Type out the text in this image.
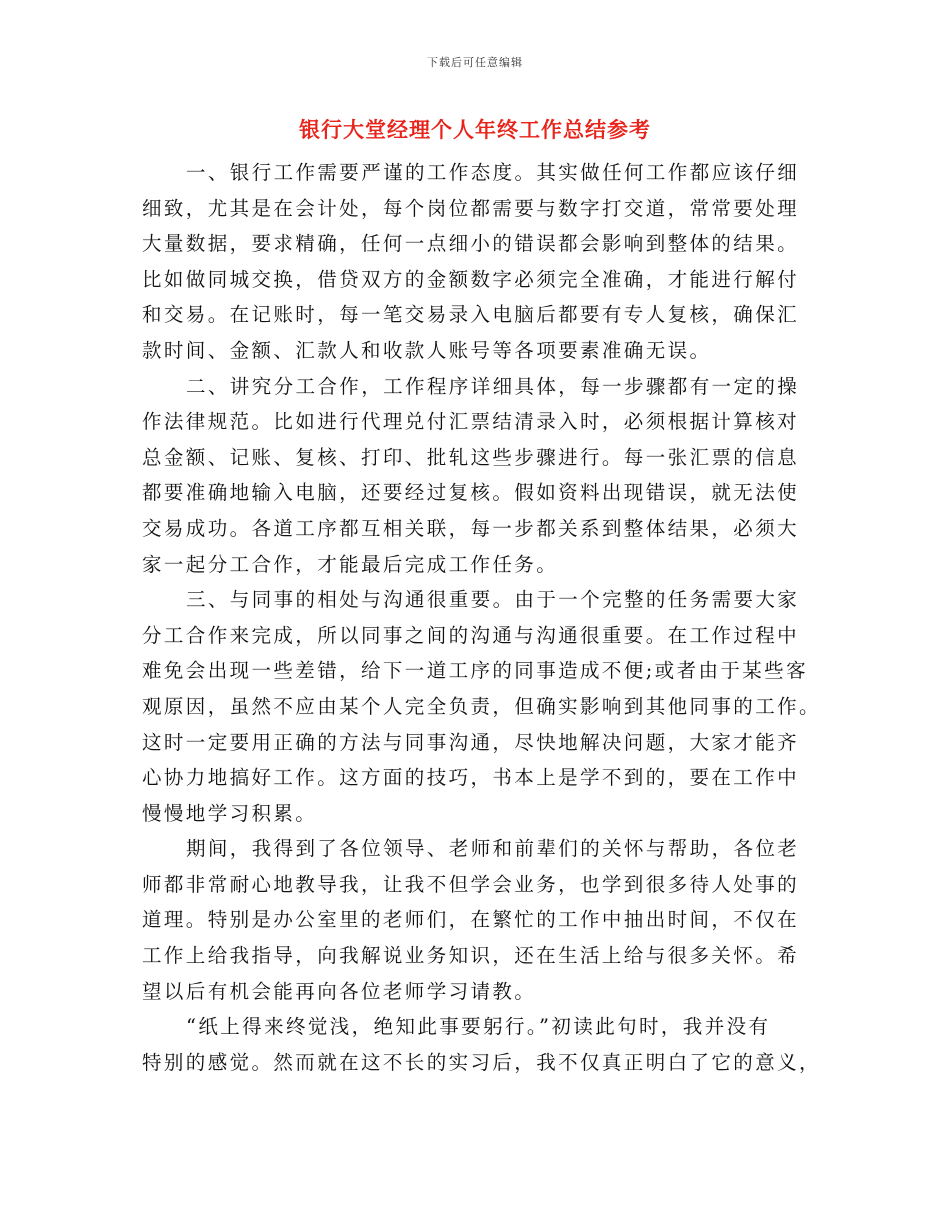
下载后可任意编辑
银行大堂经理个人年终工作总结参考

一、银行工作需要严谨的工作态度。其实做任何工作都应该仔细
细致，尤其是在会计处，每个岗位都需要与数字打交道，常常要处理
大量数据，要求精确，任何一点细小的错误都会影响到整体的结果。
比如做同城交换，借贷双方的金额数字必须完全准确，才能进行解付
和交易。在记账时，每一笔交易录入电脑后都要有专人复核，确保汇
款时间、金额、汇款人和收款人账号等各项要素准确无误。

二、讲究分工合作，工作程序详细具体，每一步骤都有一定的操
作法律规范。比如进行代理兑付汇票结清录入时，必须根据计算核对
总金额、记账、复核、打印、批轧这些步骤进行。每一张汇票的信息
都要准确地输入电脑，还要经过复核。假如资料出现错误，就无法使
交易成功。各道工序都互相关联，每一步都关系到整体结果，必须大
家一起分工合作，才能最后完成工作任务。

三、与同事的相处与沟通很重要。由于一个完整的任务需要大家
分工合作来完成，所以同事之间的沟通与沟通很重要。在工作过程中
难免会出现一些差错，给下一道工序的同事造成不便;或者由于某些客
观原因，虽然不应由某个人完全负责，但确实影响到其他同事的工作。
这时一定要用正确的方法与同事沟通，尽快地解决问题，大家才能齐
心协力地搞好工作。这方面的技巧，书本上是学不到的，要在工作中
慢慢地学习积累。

期间，我得到了各位领导、老师和前辈们的关怀与帮助，各位老
师都非常耐心地教导我，让我不但学会业务，也学到很多待人处事的
道理。特别是办公室里的老师们，在繁忙的工作中抽出时间，不仅在
工作上给我指导，向我解说业务知识，还在生活上给与很多关怀。希
望以后有机会能再向各位老师学习请教。

“纸上得来终觉浅，绝知此事要躬行。”初读此句时，我并没有
特别的感觉。然而就在这不长的实习后，我不仅真正明白了它的意义，
